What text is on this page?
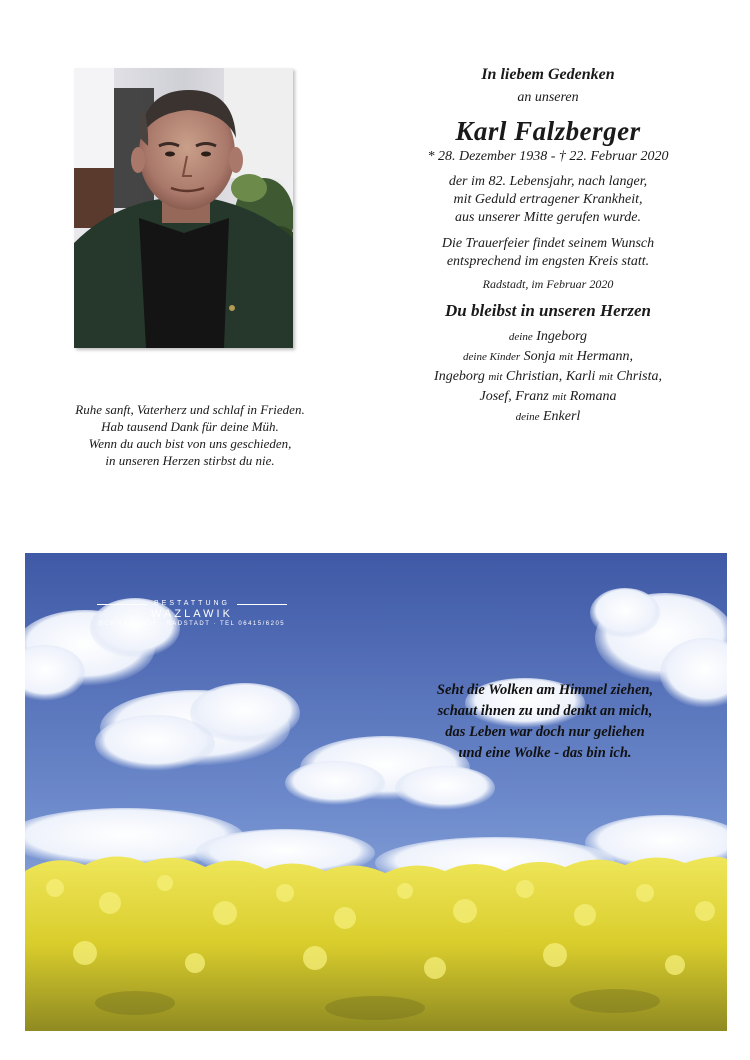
Ruhe sanft, Vaterherz und schlaf in Frieden.
Hab tausend Dank für deine Müh.
Wenn du auch bist von uns geschieden,
in unseren Herzen stirbst du nie.
In liebem Gedenken
an unseren
Karl Falzberger
* 28. Dezember 1938 - † 22. Februar 2020
der im 82. Lebensjahr, nach langer,
mit Geduld ertragener Krankheit,
aus unserer Mitte gerufen wurde.
Die Trauerfeier findet seinem Wunsch
entsprechend im engsten Kreis statt.
Radstadt, im Februar 2020
Du bleibst in unseren Herzen
deine Ingeborg
deine Kinder Sonja mit Hermann,
Ingeborg mit Christian, Karli mit Christa,
Josef, Franz mit Romana
deine Enkerl
BESTATTUNG
WAZLAWIK
SCHWARZACH · RADSTADT · TEL 06415/6205
Seht die Wolken am Himmel ziehen,
schaut ihnen zu und denkt an mich,
das Leben war doch nur geliehen
und eine Wolke - das bin ich.
